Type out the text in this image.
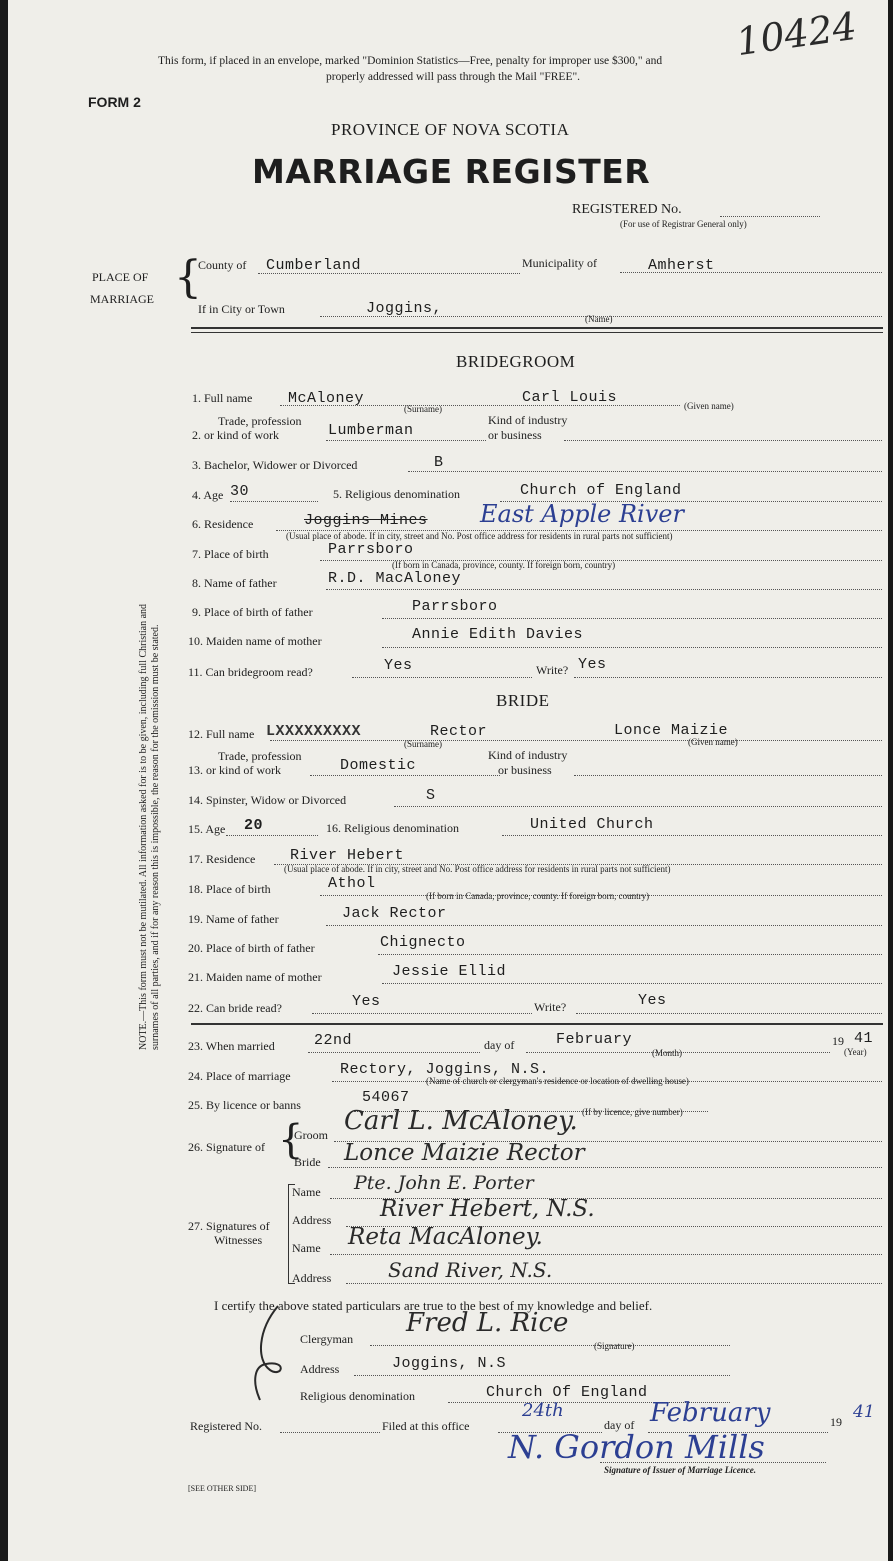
This form, if placed in an envelope, marked "Dominion Statistics—Free, penalty for improper use $300," and
properly addressed will pass through the Mail "FREE".
10424
FORM 2
PROVINCE OF NOVA SCOTIA
MARRIAGE REGISTER
REGISTERED No.
(For use of Registrar General only)
PLACE OF
MARRIAGE {
County of Cumberland	Municipality of	Amherst
If in City or Town	Joggins,
(Name)
BRIDEGROOM
1. Full name McAloney
(Surname)
Carl Louis	(Given name)
Trade, profession
2. or kind of work	Lumberman
Kind of industry
or business
3. Bachelor, Widower or Divorced	B
4. Age 30	5. Religious denomination	Church of England
6. Residence	Joggins Mines East Apple River
(Usual place of abode. If in city, street and No. Post office address for residents in rural parts not sufficient)
7. Place of birth	Parrsboro
(If born in Canada, province, county. If foreign born, country)
8. Name of father	R.D. MacAloney
9. Place of birth of father	Parrsboro
10. Maiden name of mother	Annie Edith Davies
11. Can bridegroom read?	Yes	Write? Yes
BRIDE
12. Full name LXXXXXXXXX	Rector
(Surname)
Lonce Maizie
(Given name)
Trade, profession
13. or kind of work	Domestic
Kind of industry
or business
14. Spinster, Widow or Divorced	S
15. Age 20	16. Religious denomination	United Church
17. Residence River Hebert
(Usual place of abode. If in city, street and No. Post office address for residents in rural parts not sufficient)
18. Place of birth	Athol
(If born in Canada, province, county. If foreign born, country)
19. Name of father	Jack Rector
20. Place of birth of father	Chignecto
21. Maiden name of mother	Jessie Ellid
22. Can bride read?	Yes	Write?	Yes
23. When married	22nd	day of	February
(Month)
19 41
(Year)
24. Place of marriage	Rectory, Joggins, N.S.
(Name of church or clergyman's residence or location of dwelling house)
25. By licence or banns	54067
(If by licence, give number)
26. Signature of {
Groom Carl L. McAloney.
Bride Lonce Maizie Rector
27. Signatures of
Witnesses
Name Pte. John E. Porter
Address River Hebert, N.S.
Name Reta MacAloney.
Address	Sand River, N.S.
I certify the above stated particulars are true to the best of my knowledge and belief.
Clergyman
Fred L. Rice
(Signature)
Address	Joggins, N.S
Religious denomination	Church Of England
Registered No.	Filed at this office
24th
day of February	19 41
N. Gordon Mills
Signature of Issuer of Marriage Licence.
[SEE OTHER SIDE]
NOTE.—This form must not be mutilated. All information asked for is to be given, including full Christian and surnames of all parties, and if for any reason this is impossible, the reason for the omission must be stated.
